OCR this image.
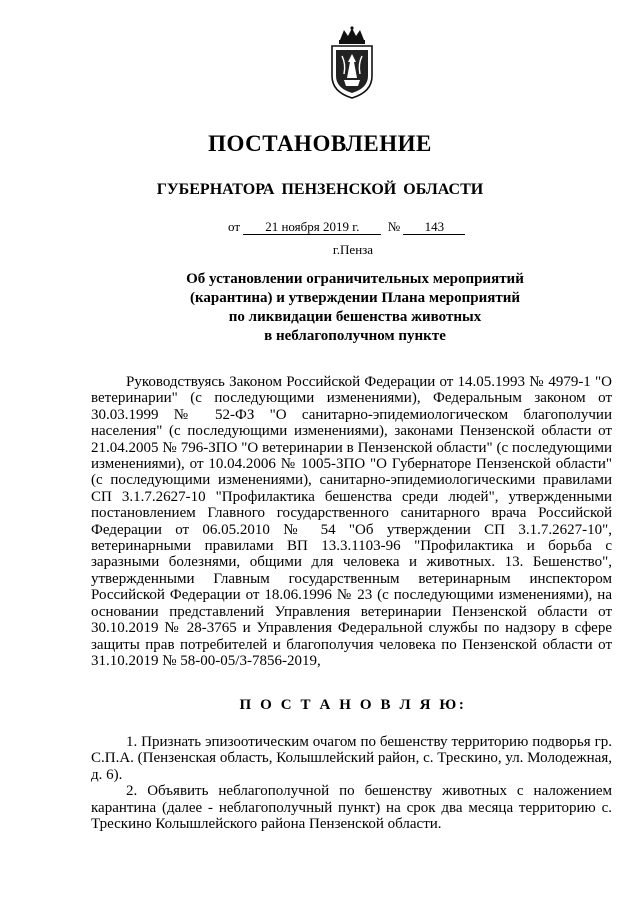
ПОСТАНОВЛЕНИЕ
ГУБЕРНАТОРА ПЕНЗЕНСКОЙ ОБЛАСТИ
от 21 ноября 2019 г. № 143
г.Пенза
Об установлении ограничительных мероприятий
(карантина) и утверждении Плана мероприятий
по ликвидации бешенства животных
в неблагополучном пункте

Руководствуясь Законом Российской Федерации от 14.05.1993 № 4979-1 "О ветеринарии" (с последующими изменениями), Федеральным законом от 30.03.1999 № 52-ФЗ "О санитарно-эпидемиологическом благополучии населения" (с последующими изменениями), законами Пензенской области от 21.04.2005 № 796-ЗПО "О ветеринарии в Пензенской области" (с последующими изменениями), от 10.04.2006 № 1005-ЗПО "О Губернаторе Пензенской области" (с последующими изменениями), санитарно-эпидемиологическими правилами СП 3.1.7.2627-10 "Профилактика бешенства среди людей", утвержденными постановлением Главного государственного санитарного врача Российской Федерации от 06.05.2010 № 54 "Об утверждении СП 3.1.7.2627-10", ветеринарными правилами ВП 13.3.1103-96 "Профилактика и борьба с заразными болезнями, общими для человека и животных. 13. Бешенство", утвержденными Главным государственным ветеринарным инспектором Российской Федерации от 18.06.1996 № 23 (с последующими изменениями), на основании представлений Управления ветеринарии Пензенской области от 30.10.2019 № 28-3765 и Управления Федеральной службы по надзору в сфере защиты прав потребителей и благополучия человека по Пензенской области от 31.10.2019 № 58-00-05/3-7856-2019,

П О С Т А Н О В Л Я Ю:

1. Признать эпизоотическим очагом по бешенству территорию подворья гр. С.П.А. (Пензенская область, Колышлейский район, с. Трескино, ул. Молодежная, д. 6).

2. Объявить неблагополучной по бешенству животных с наложением карантина (далее - неблагополучный пункт) на срок два месяца территорию с. Трескино Колышлейского района Пензенской области.
